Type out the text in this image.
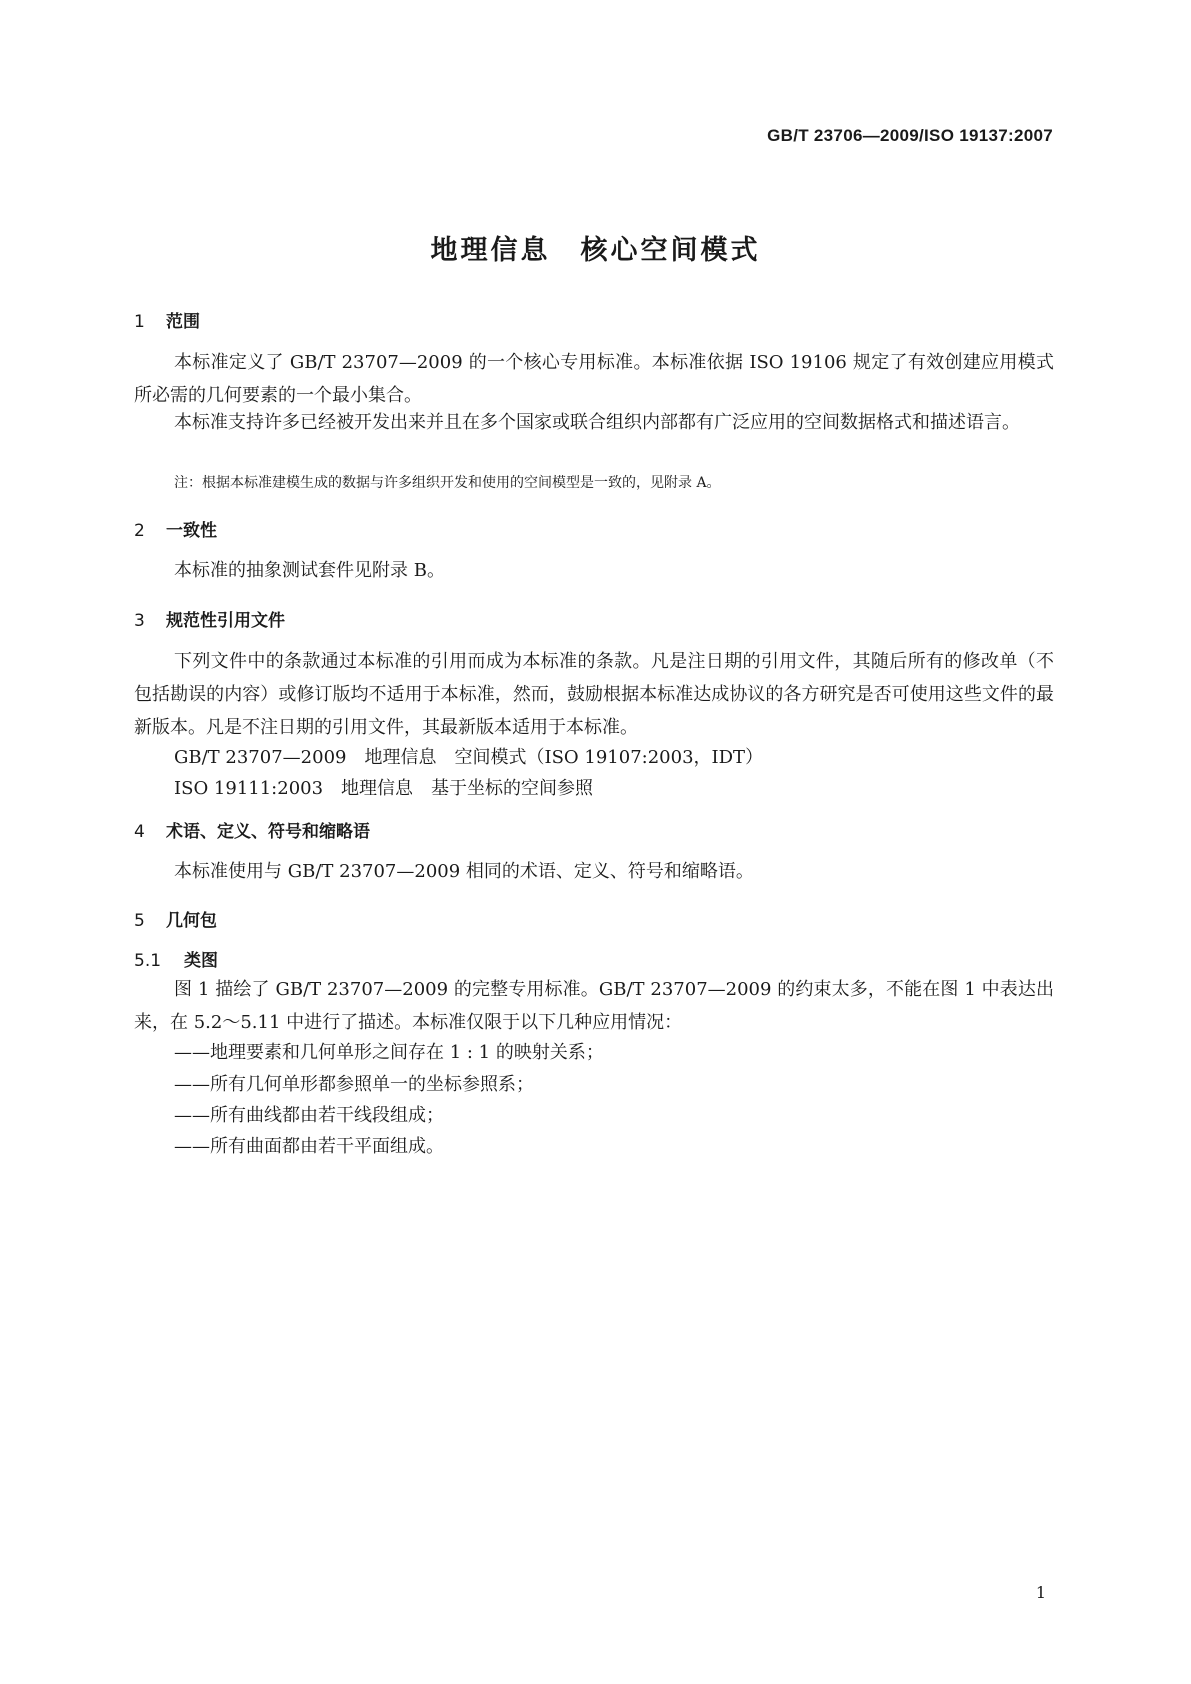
GB/T 23706—2009/ISO 19137:2007
地理信息　核心空间模式
1 范围
本标准定义了 GB/T 23707—2009 的一个核心专用标准。本标准依据 ISO 19106 规定了有效创建应用模式所必需的几何要素的一个最小集合。
本标准支持许多已经被开发出来并且在多个国家或联合组织内部都有广泛应用的空间数据格式和描述语言。
注：根据本标准建模生成的数据与许多组织开发和使用的空间模型是一致的，见附录 A。
2 一致性
本标准的抽象测试套件见附录 B。
3 规范性引用文件
下列文件中的条款通过本标准的引用而成为本标准的条款。凡是注日期的引用文件，其随后所有的修改单（不包括勘误的内容）或修订版均不适用于本标准，然而，鼓励根据本标准达成协议的各方研究是否可使用这些文件的最新版本。凡是不注日期的引用文件，其最新版本适用于本标准。
GB/T 23707—2009　地理信息　空间模式（ISO 19107:2003，IDT）
ISO 19111:2003　地理信息　基于坐标的空间参照
4 术语、定义、符号和缩略语
本标准使用与 GB/T 23707—2009 相同的术语、定义、符号和缩略语。
5 几何包
5.1 类图
图 1 描绘了 GB/T 23707—2009 的完整专用标准。GB/T 23707—2009 的约束太多，不能在图 1 中表达出来，在 5.2～5.11 中进行了描述。本标准仅限于以下几种应用情况：
——地理要素和几何单形之间存在 1 : 1 的映射关系；
——所有几何单形都参照单一的坐标参照系；
——所有曲线都由若干线段组成；
——所有曲面都由若干平面组成。
1
